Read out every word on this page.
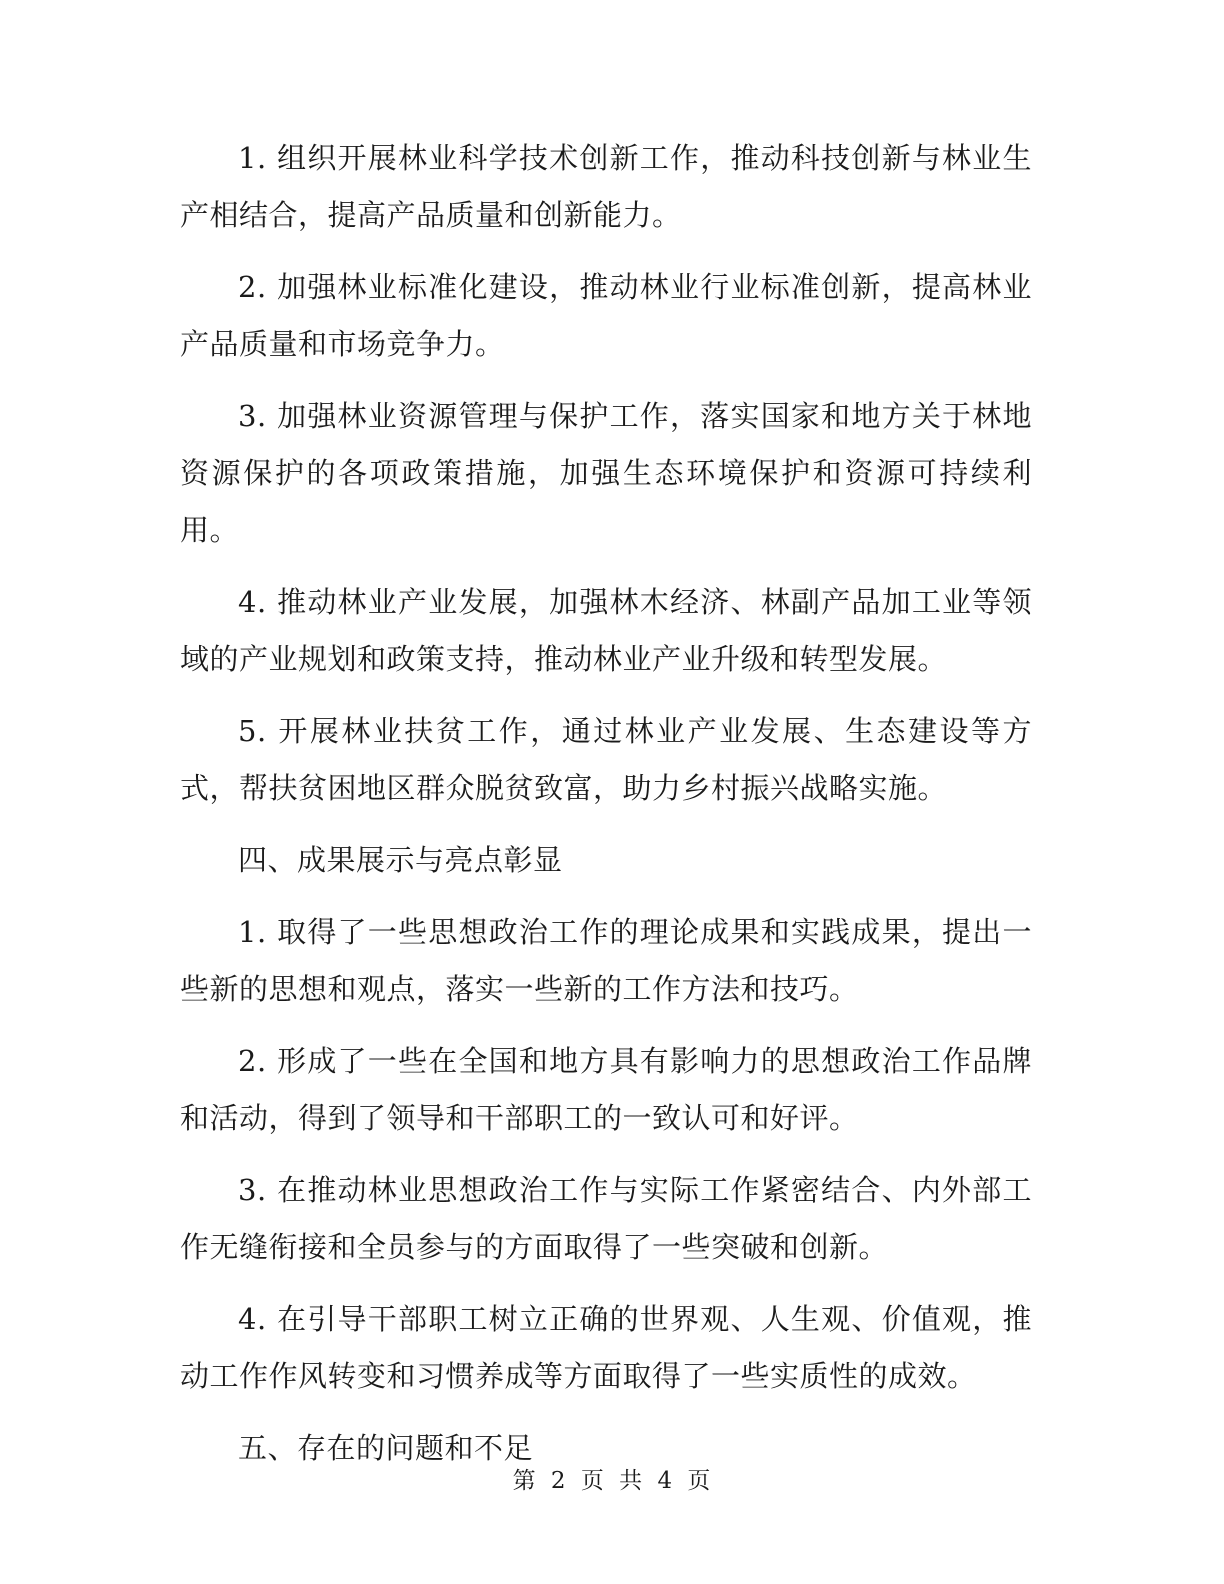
1. 组织开展林业科学技术创新工作，推动科技创新与林业生产相结合，提高产品质量和创新能力。

2. 加强林业标准化建设，推动林业行业标准创新，提高林业产品质量和市场竞争力。

3. 加强林业资源管理与保护工作，落实国家和地方关于林地资源保护的各项政策措施，加强生态环境保护和资源可持续利用。

4. 推动林业产业发展，加强林木经济、林副产品加工业等领域的产业规划和政策支持，推动林业产业升级和转型发展。

5. 开展林业扶贫工作，通过林业产业发展、生态建设等方式，帮扶贫困地区群众脱贫致富，助力乡村振兴战略实施。

四、成果展示与亮点彰显

1. 取得了一些思想政治工作的理论成果和实践成果，提出一些新的思想和观点，落实一些新的工作方法和技巧。

2. 形成了一些在全国和地方具有影响力的思想政治工作品牌和活动，得到了领导和干部职工的一致认可和好评。

3. 在推动林业思想政治工作与实际工作紧密结合、内外部工作无缝衔接和全员参与的方面取得了一些突破和创新。

4. 在引导干部职工树立正确的世界观、人生观、价值观，推动工作作风转变和习惯养成等方面取得了一些实质性的成效。

五、存在的问题和不足

第 2 页 共 4 页
